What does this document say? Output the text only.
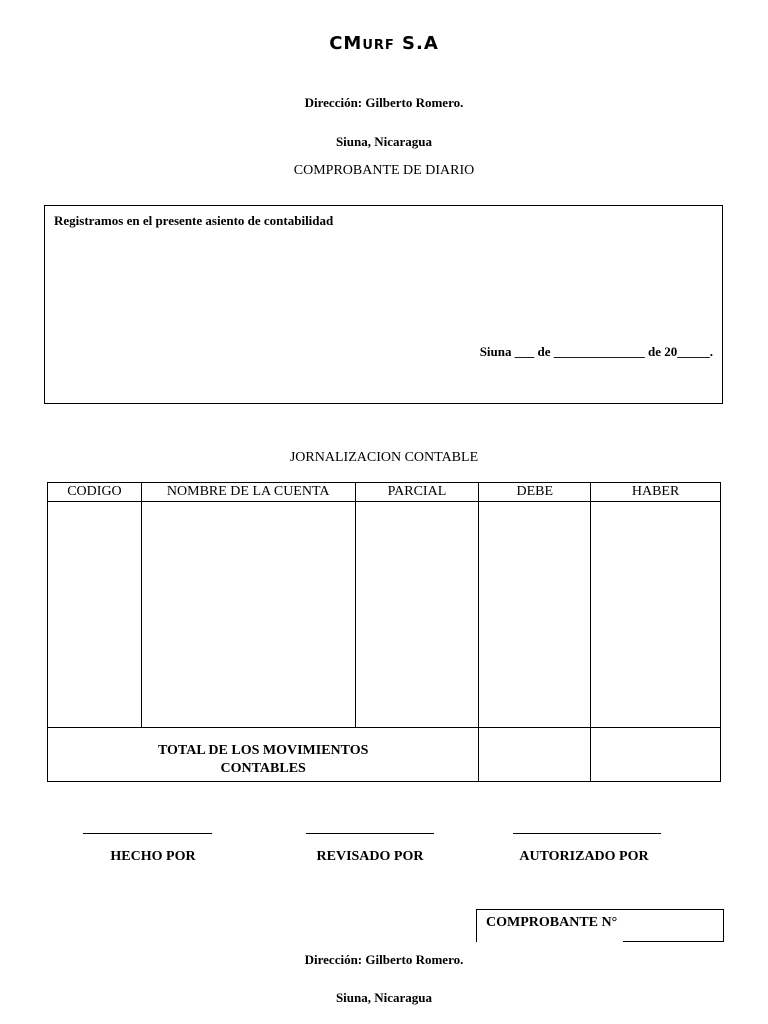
CMurf S.A
Dirección: Gilberto Romero.
Siuna, Nicaragua
COMPROBANTE DE DIARIO
Registramos en el presente asiento de contabilidad
Siuna ___ de ______________ de 20_____.
JORNALIZACION CONTABLE
CODIGO	NOMBRE DE LA CUENTA	PARCIAL	DEBE	HABER

TOTAL DE LOS MOVIMIENTOS
CONTABLES				

HECHO POR	REVISADO POR	AUTORIZADO POR
COMPROBANTE N°
Dirección: Gilberto Romero.
Siuna, Nicaragua
